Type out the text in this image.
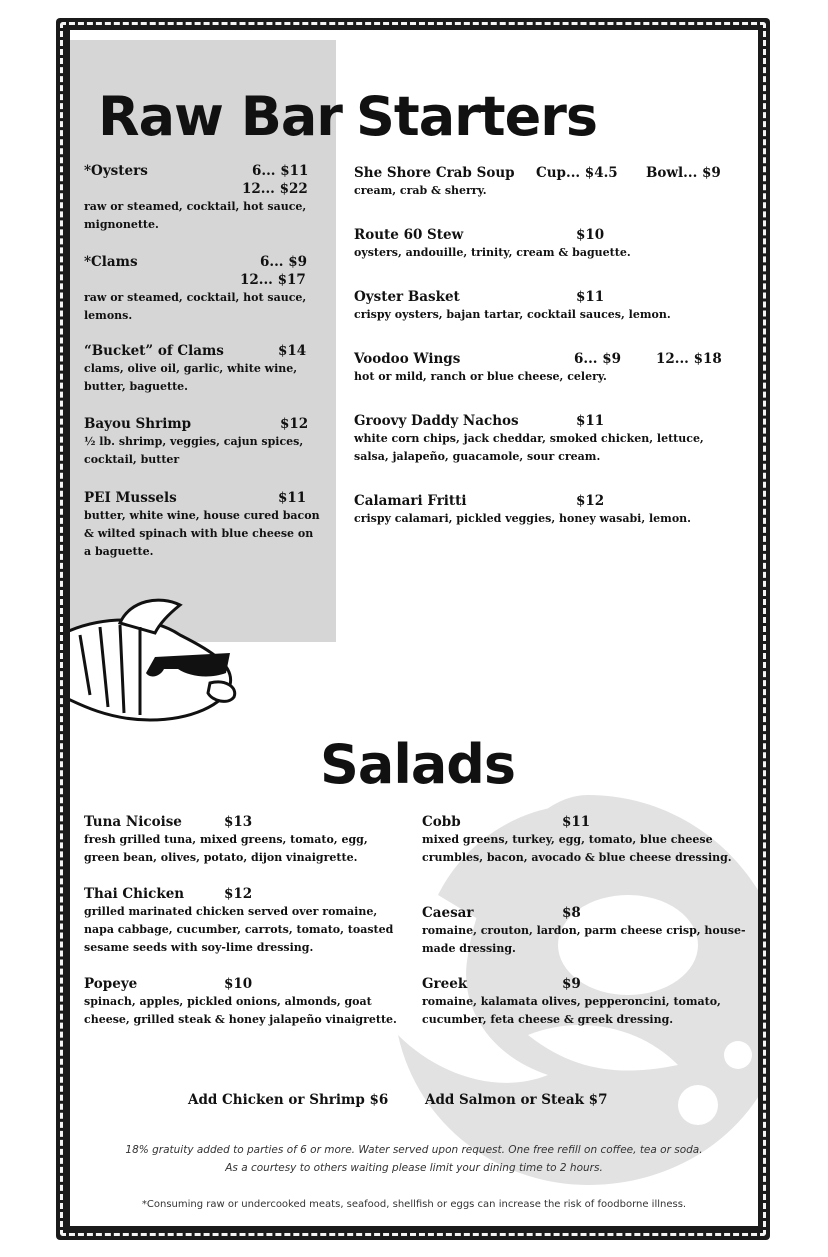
Raw Bar
*Oysters	6... $11
12... $22
raw or steamed, cocktail, hot sauce, mignonette.
*Clams	6... $9
12... $17
raw or steamed, cocktail, hot sauce, lemons.
“Bucket” of Clams	$14
clams, olive oil, garlic, white wine, butter, baguette.
Bayou Shrimp	$12
½ lb. shrimp, veggies, cajun spices, cocktail, butter
PEI Mussels	$11
butter, white wine, house cured bacon & wilted spinach with blue cheese on a baguette.
Starters
She Shore Crab Soup Cup... $4.5 Bowl... $9
cream, crab & sherry.
Route 60 Stew	$10
oysters, andouille, trinity, cream & baguette.
Oyster Basket	$11
crispy oysters, bajan tartar, cocktail sauces, lemon.
Voodoo Wings	6... $9	12... $18
hot or mild, ranch or blue cheese, celery.
Groovy Daddy Nachos	$11
white corn chips, jack cheddar, smoked chicken, lettuce, salsa, jalapeño, guacamole, sour cream.
Calamari Fritti	$12
crispy calamari, pickled veggies, honey wasabi, lemon.
Salads
Tuna Nicoise	$13
fresh grilled tuna, mixed greens, tomato, egg, green bean, olives, potato, dijon vinaigrette.
Thai Chicken	$12
grilled marinated chicken served over romaine, napa cabbage, cucumber, carrots, tomato, toasted sesame seeds with soy-lime dressing.
Popeye	$10
spinach, apples, pickled onions, almonds, goat cheese, grilled steak & honey jalapeño vinaigrette.
Cobb	$11
mixed greens, turkey, egg, tomato, blue cheese crumbles, bacon, avocado & blue cheese dressing.
Caesar	$8
romaine, crouton, lardon, parm cheese crisp, house-made dressing.
Greek	$9
romaine, kalamata olives, pepperoncini, tomato, cucumber, feta cheese & greek dressing.
Add Chicken or Shrimp $6	Add Salmon or Steak $7
18% gratuity added to parties of 6 or more. Water served upon request. One free refill on coffee, tea or soda.
As a courtesy to others waiting please limit your dining time to 2 hours.
*Consuming raw or undercooked meats, seafood, shellfish or eggs can increase the risk of foodborne illness.
